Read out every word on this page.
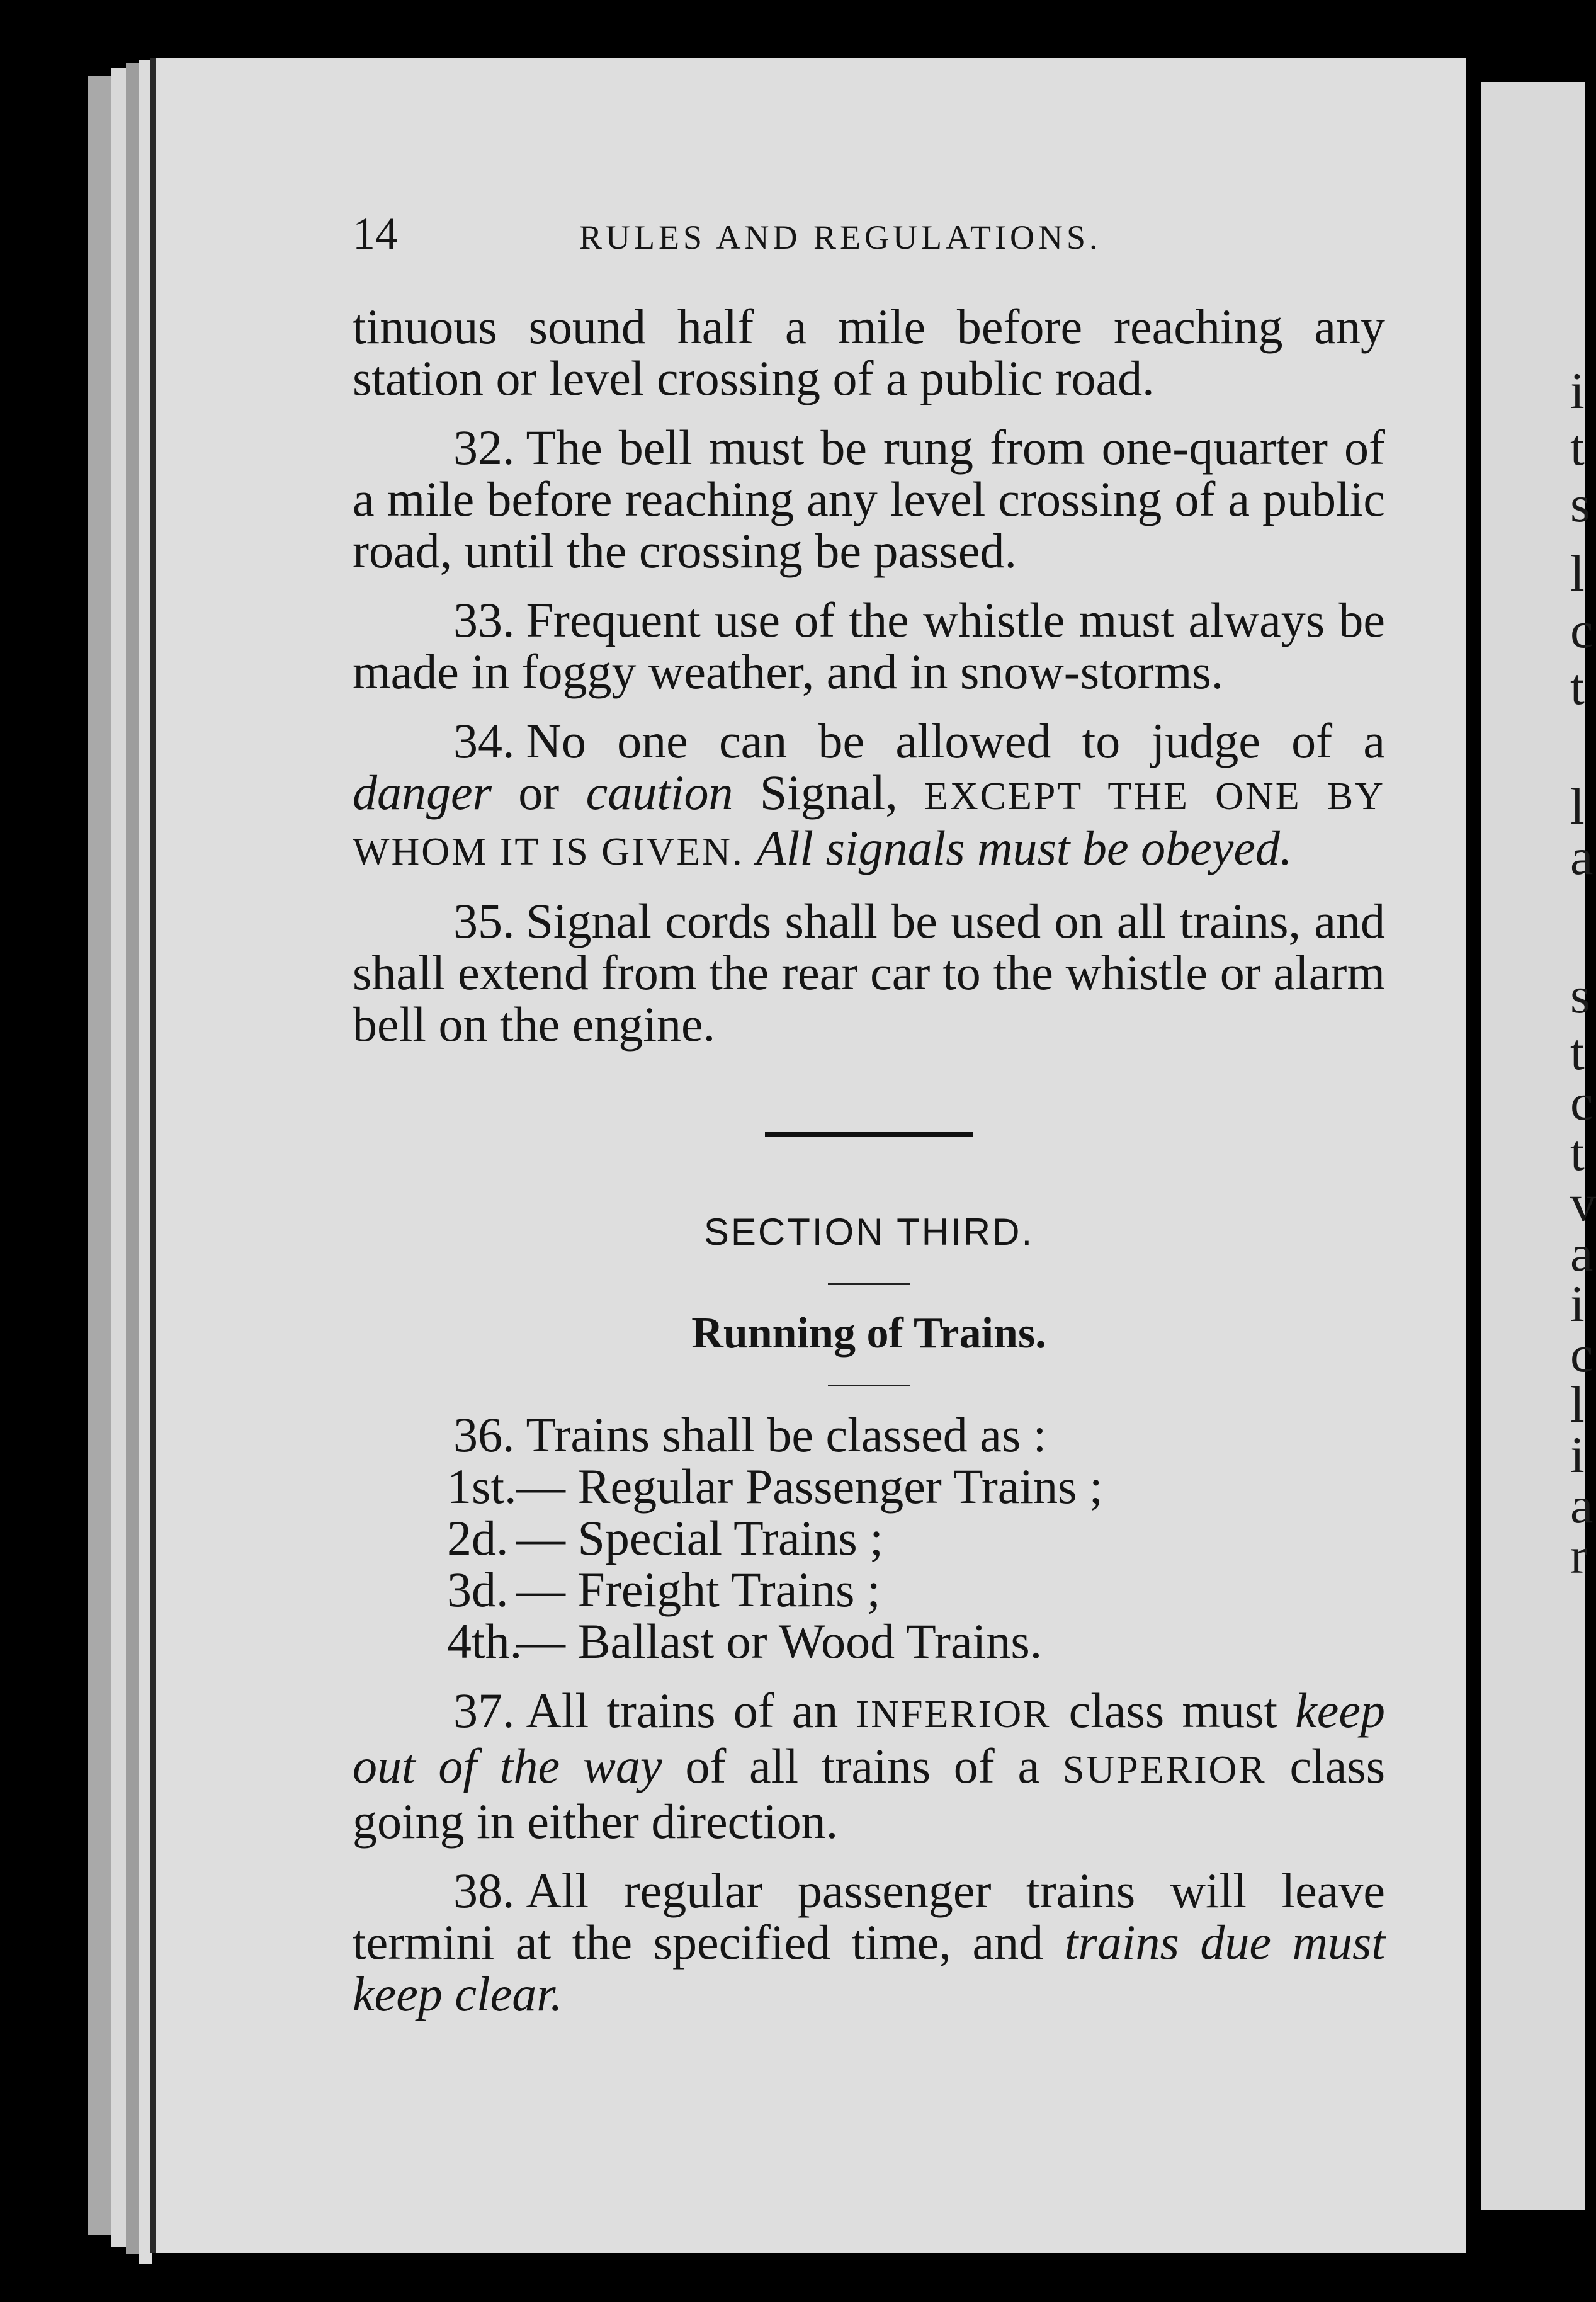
i
t
s
l
c
t
l
a
s
t
c
t
v
a
i
c
l
i
a
r
14	RULES AND REGULATIONS.

tinuous sound half a mile before reaching any station or level crossing of a public road.

32. The bell must be rung from one-quarter of a mile before reaching any level crossing of a public road, until the crossing be passed.

33. Frequent use of the whistle must always be made in foggy weather, and in snow-storms.

34. No one can be allowed to judge of a danger or caution Signal, EXCEPT THE ONE BY WHOM IT IS GIVEN. All signals must be obeyed.

35. Signal cords shall be used on all trains, and shall extend from the rear car to the whistle or alarm bell on the engine.

SECTION THIRD.
Running of Trains.

36. Trains shall be classed as :

1st.— Regular Passenger Trains ;
2d. — Special Trains ;
3d. — Freight Trains ;
4th.— Ballast or Wood Trains.

37. All trains of an INFERIOR class must keep out of the way of all trains of a SUPERIOR class going in either direction.

38. All regular passenger trains will leave termini at the specified time, and trains due must keep clear.
